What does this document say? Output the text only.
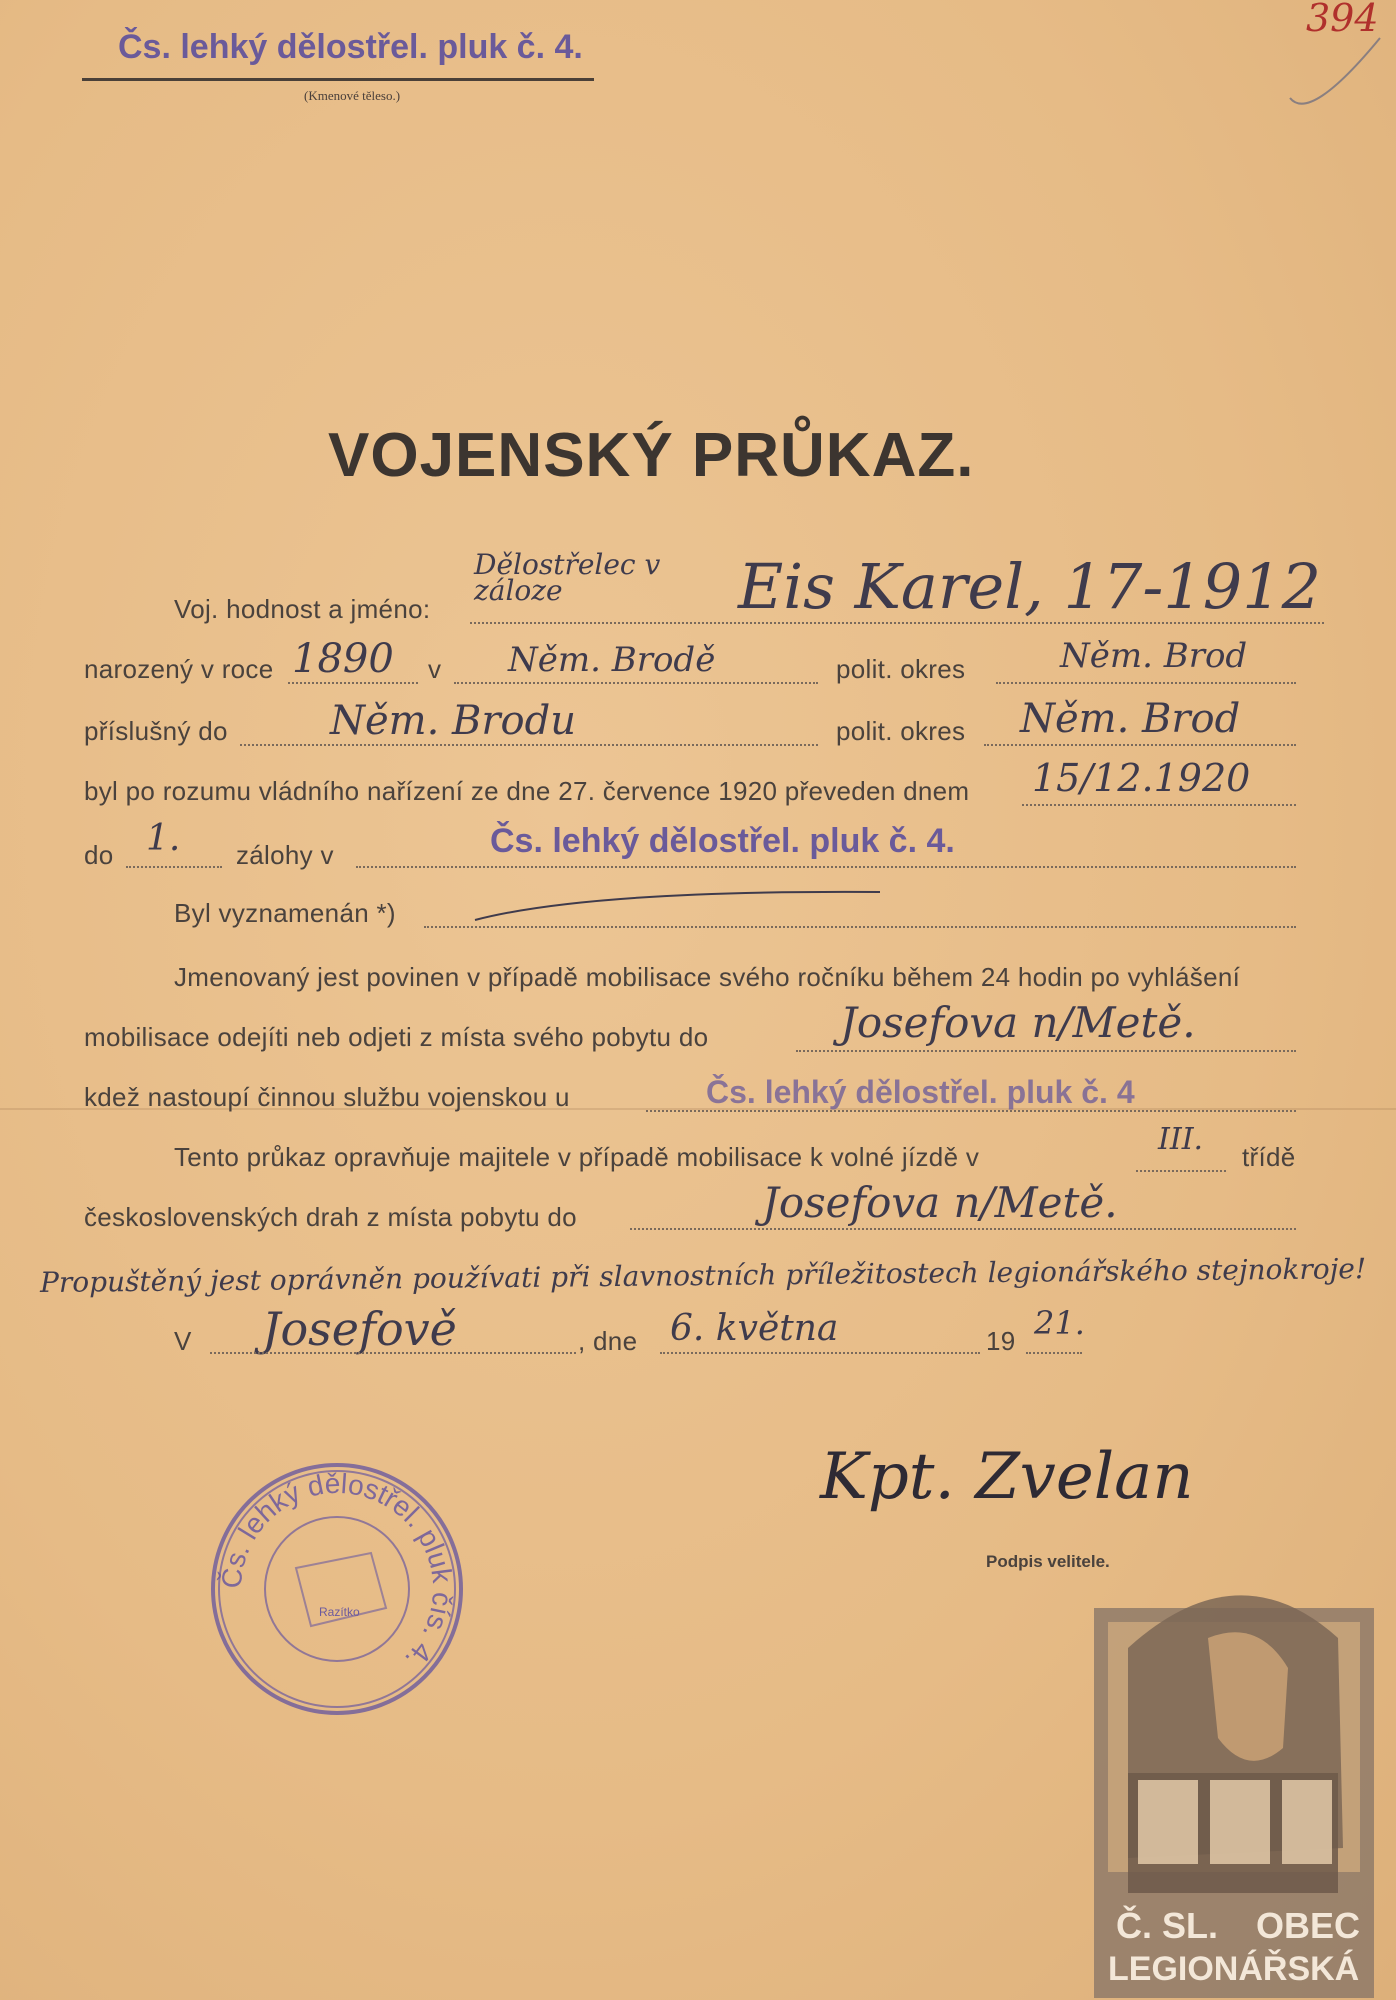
Čs. lehký dělostřel. pluk č. 4.
(Kmenové těleso.)
394
VOJENSKÝ PRŮKAZ.
Voj. hodnost a jméno:
Dělostřelec v záloze	Eis Karel, 17-1912
narozený v roce 1890 v Něm. Brodě	polit. okres	Něm. Brod
příslušný do	Něm. Brodu	polit. okres Něm. Brod
byl po rozumu vládního nařízení ze dne 27. července 1920 převeden dnem 15/12.1920
do 1. zálohy v	Čs. lehký dělostřel. pluk č. 4.
Byl vyznamenán *)
Jmenovaný jest povinen v případě mobilisace svého ročníku během 24 hodin po vyhlášení
mobilisace odejíti neb odjeti z místa svého pobytu do	Josefova n/Metě.
kdež nastoupí činnou službu vojenskou u	Čs. lehký dělostřel. pluk č. 4
Tento průkaz opravňuje majitele v případě mobilisace k volné jízdě v	III. třídě
československých drah z místa pobytu do	Josefova n/Metě.
Propuštěný jest oprávněn používati při slavnostních příležitostech legionářského stejnokroje!
V Josefově	, dne 6. května	19 21.
Kpt. Zvelan
Podpis velitele.
Čs. lehký dělostřel. pluk čís. 4.
Razítko
Č. SL. OBEC
LEGIONÁŘSKÁ
